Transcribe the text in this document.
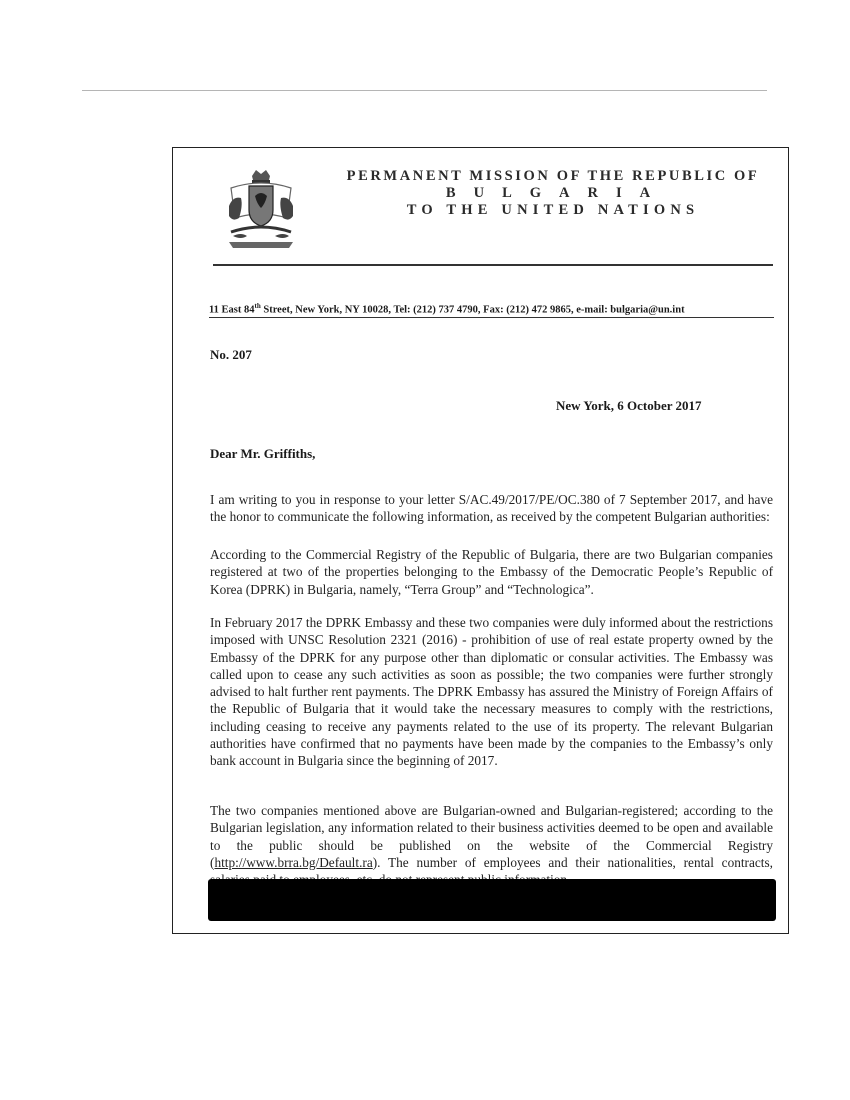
PERMANENT MISSION OF THE REPUBLIC OF
BULGARIA
TO THE UNITED NATIONS
11 East 84th Street, New York, NY 10028, Tel: (212) 737 4790, Fax: (212) 472 9865, e-mail: bulgaria@un.int
No. 207
New York, 6 October 2017
Dear Mr. Griffiths,

I am writing to you in response to your letter S/AC.49/2017/PE/OC.380 of 7 September 2017, and have the honor to communicate the following information, as received by the competent Bulgarian authorities:

According to the Commercial Registry of the Republic of Bulgaria, there are two Bulgarian companies registered at two of the properties belonging to the Embassy of the Democratic People’s Republic of Korea (DPRK) in Bulgaria, namely, “Terra Group” and “Technologica”.

In February 2017 the DPRK Embassy and these two companies were duly informed about the restrictions imposed with UNSC Resolution 2321 (2016) - prohibition of use of real estate property owned by the Embassy of the DPRK for any purpose other than diplomatic or consular activities. The Embassy was called upon to cease any such activities as soon as possible; the two companies were further strongly advised to halt further rent payments. The DPRK Embassy has assured the Ministry of Foreign Affairs of the Republic of Bulgaria that it would take the necessary measures to comply with the restrictions, including ceasing to receive any payments related to the use of its property. The relevant Bulgarian authorities have confirmed that no payments have been made by the companies to the Embassy’s only bank account in Bulgaria since the beginning of 2017.

The two companies mentioned above are Bulgarian-owned and Bulgarian-registered; according to the Bulgarian legislation, any information related to their business activities deemed to be open and available to the public should be published on the website of the Commercial Registry (http://www.brra.bg/Default.ra). The number of employees and their nationalities, rental contracts,
